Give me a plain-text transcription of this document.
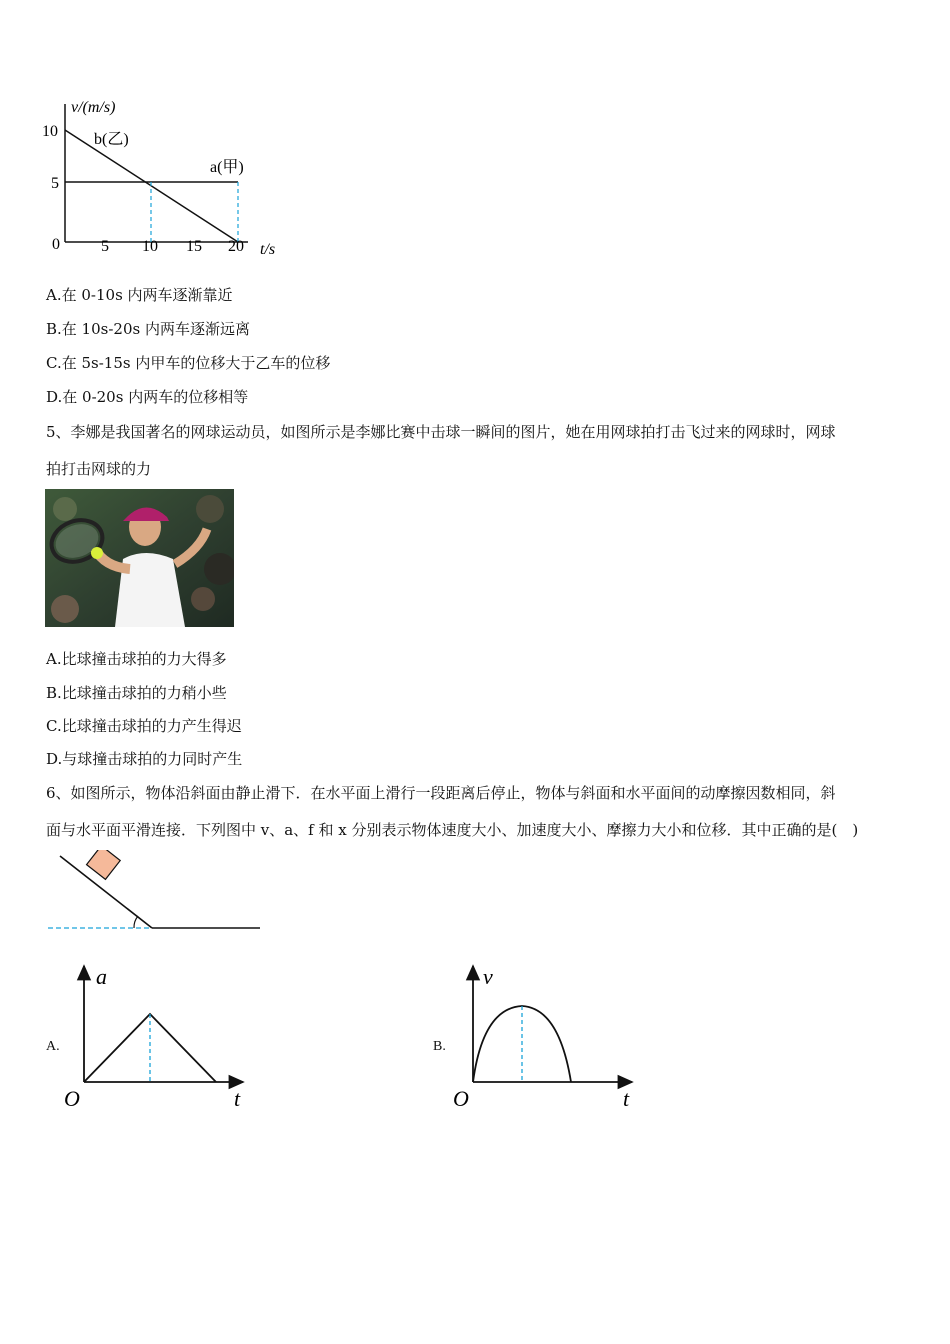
v/(m/s)
10
5
0	5 10 15 20 t/s
b(乙)
a(甲)
A.在 0-10s 内两车逐渐靠近
B.在 10s-20s 内两车逐渐远离
C.在 5s-15s 内甲车的位移大于乙车的位移
D.在 0-20s 内两车的位移相等
5、李娜是我国著名的网球运动员，如图所示是李娜比赛中击球一瞬间的图片，她在用网球拍打击飞过来的网球时，网球
拍打击网球的力
A.比球撞击球拍的力大得多
B.比球撞击球拍的力稍小些
C.比球撞击球拍的力产生得迟
D.与球撞击球拍的力同时产生
6、如图所示，物体沿斜面由静止滑下．在水平面上滑行一段距离后停止，物体与斜面和水平面间的动摩擦因数相同，斜
面与水平面平滑连接．下列图中 v、a、f 和 x 分别表示物体速度大小、加速度大小、摩擦力大小和位移．其中正确的是(　)
A.
a
t
O
B.
v
t
O
